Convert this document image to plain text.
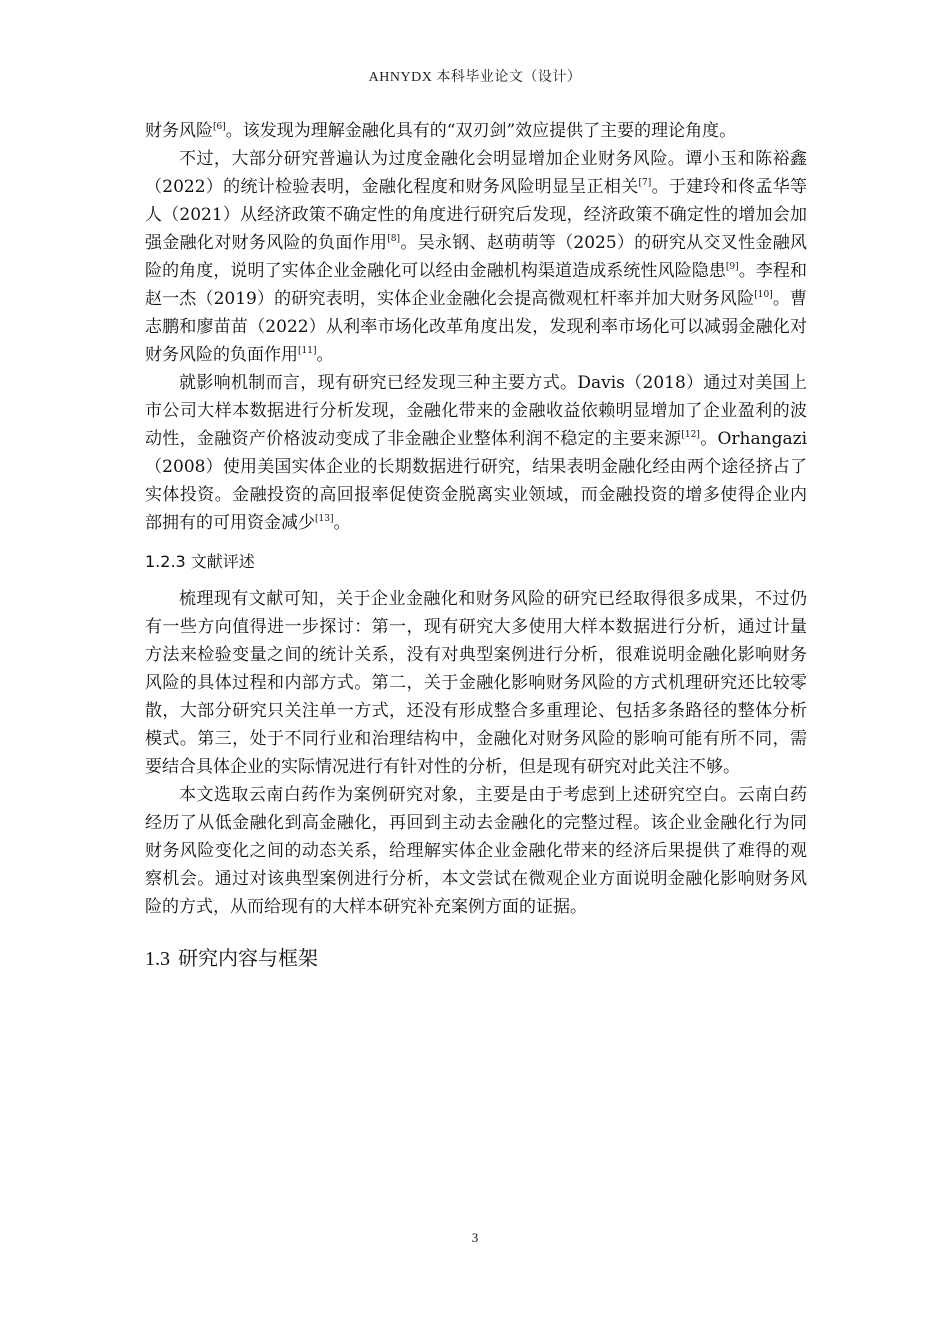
AHNYDX 本科毕业论文（设计）

财务风险[6]。该发现为理解金融化具有的“双刃剑”效应提供了主要的理论角度。

不过，大部分研究普遍认为过度金融化会明显增加企业财务风险。谭小玉和陈裕鑫（2022）的统计检验表明，金融化程度和财务风险明显呈正相关[7]。于建玲和佟孟华等人（2021）从经济政策不确定性的角度进行研究后发现，经济政策不确定性的增加会加强金融化对财务风险的负面作用[8]。吴永钢、赵萌萌等（2025）的研究从交叉性金融风险的角度，说明了实体企业金融化可以经由金融机构渠道造成系统性风险隐患[9]。李程和赵一杰（2019）的研究表明，实体企业金融化会提高微观杠杆率并加大财务风险[10]。曹志鹏和廖苗苗（2022）从利率市场化改革角度出发，发现利率市场化可以减弱金融化对财务风险的负面作用[11]。

就影响机制而言，现有研究已经发现三种主要方式。Davis（2018）通过对美国上市公司大样本数据进行分析发现，金融化带来的金融收益依赖明显增加了企业盈利的波动性，金融资产价格波动变成了非金融企业整体利润不稳定的主要来源[12]。Orhangazi（2008）使用美国实体企业的长期数据进行研究，结果表明金融化经由两个途径挤占了实体投资。金融投资的高回报率促使资金脱离实业领域，而金融投资的增多使得企业内部拥有的可用资金减少[13]。

1.2.3 文献评述

梳理现有文献可知，关于企业金融化和财务风险的研究已经取得很多成果，不过仍有一些方向值得进一步探讨：第一，现有研究大多使用大样本数据进行分析，通过计量方法来检验变量之间的统计关系，没有对典型案例进行分析，很难说明金融化影响财务风险的具体过程和内部方式。第二，关于金融化影响财务风险的方式机理研究还比较零散，大部分研究只关注单一方式，还没有形成整合多重理论、包括多条路径的整体分析模式。第三，处于不同行业和治理结构中，金融化对财务风险的影响可能有所不同，需要结合具体企业的实际情况进行有针对性的分析，但是现有研究对此关注不够。

本文选取云南白药作为案例研究对象，主要是由于考虑到上述研究空白。云南白药经历了从低金融化到高金融化，再回到主动去金融化的完整过程。该企业金融化行为同财务风险变化之间的动态关系，给理解实体企业金融化带来的经济后果提供了难得的观察机会。通过对该典型案例进行分析，本文尝试在微观企业方面说明金融化影响财务风险的方式，从而给现有的大样本研究补充案例方面的证据。

1.3 研究内容与框架
3
